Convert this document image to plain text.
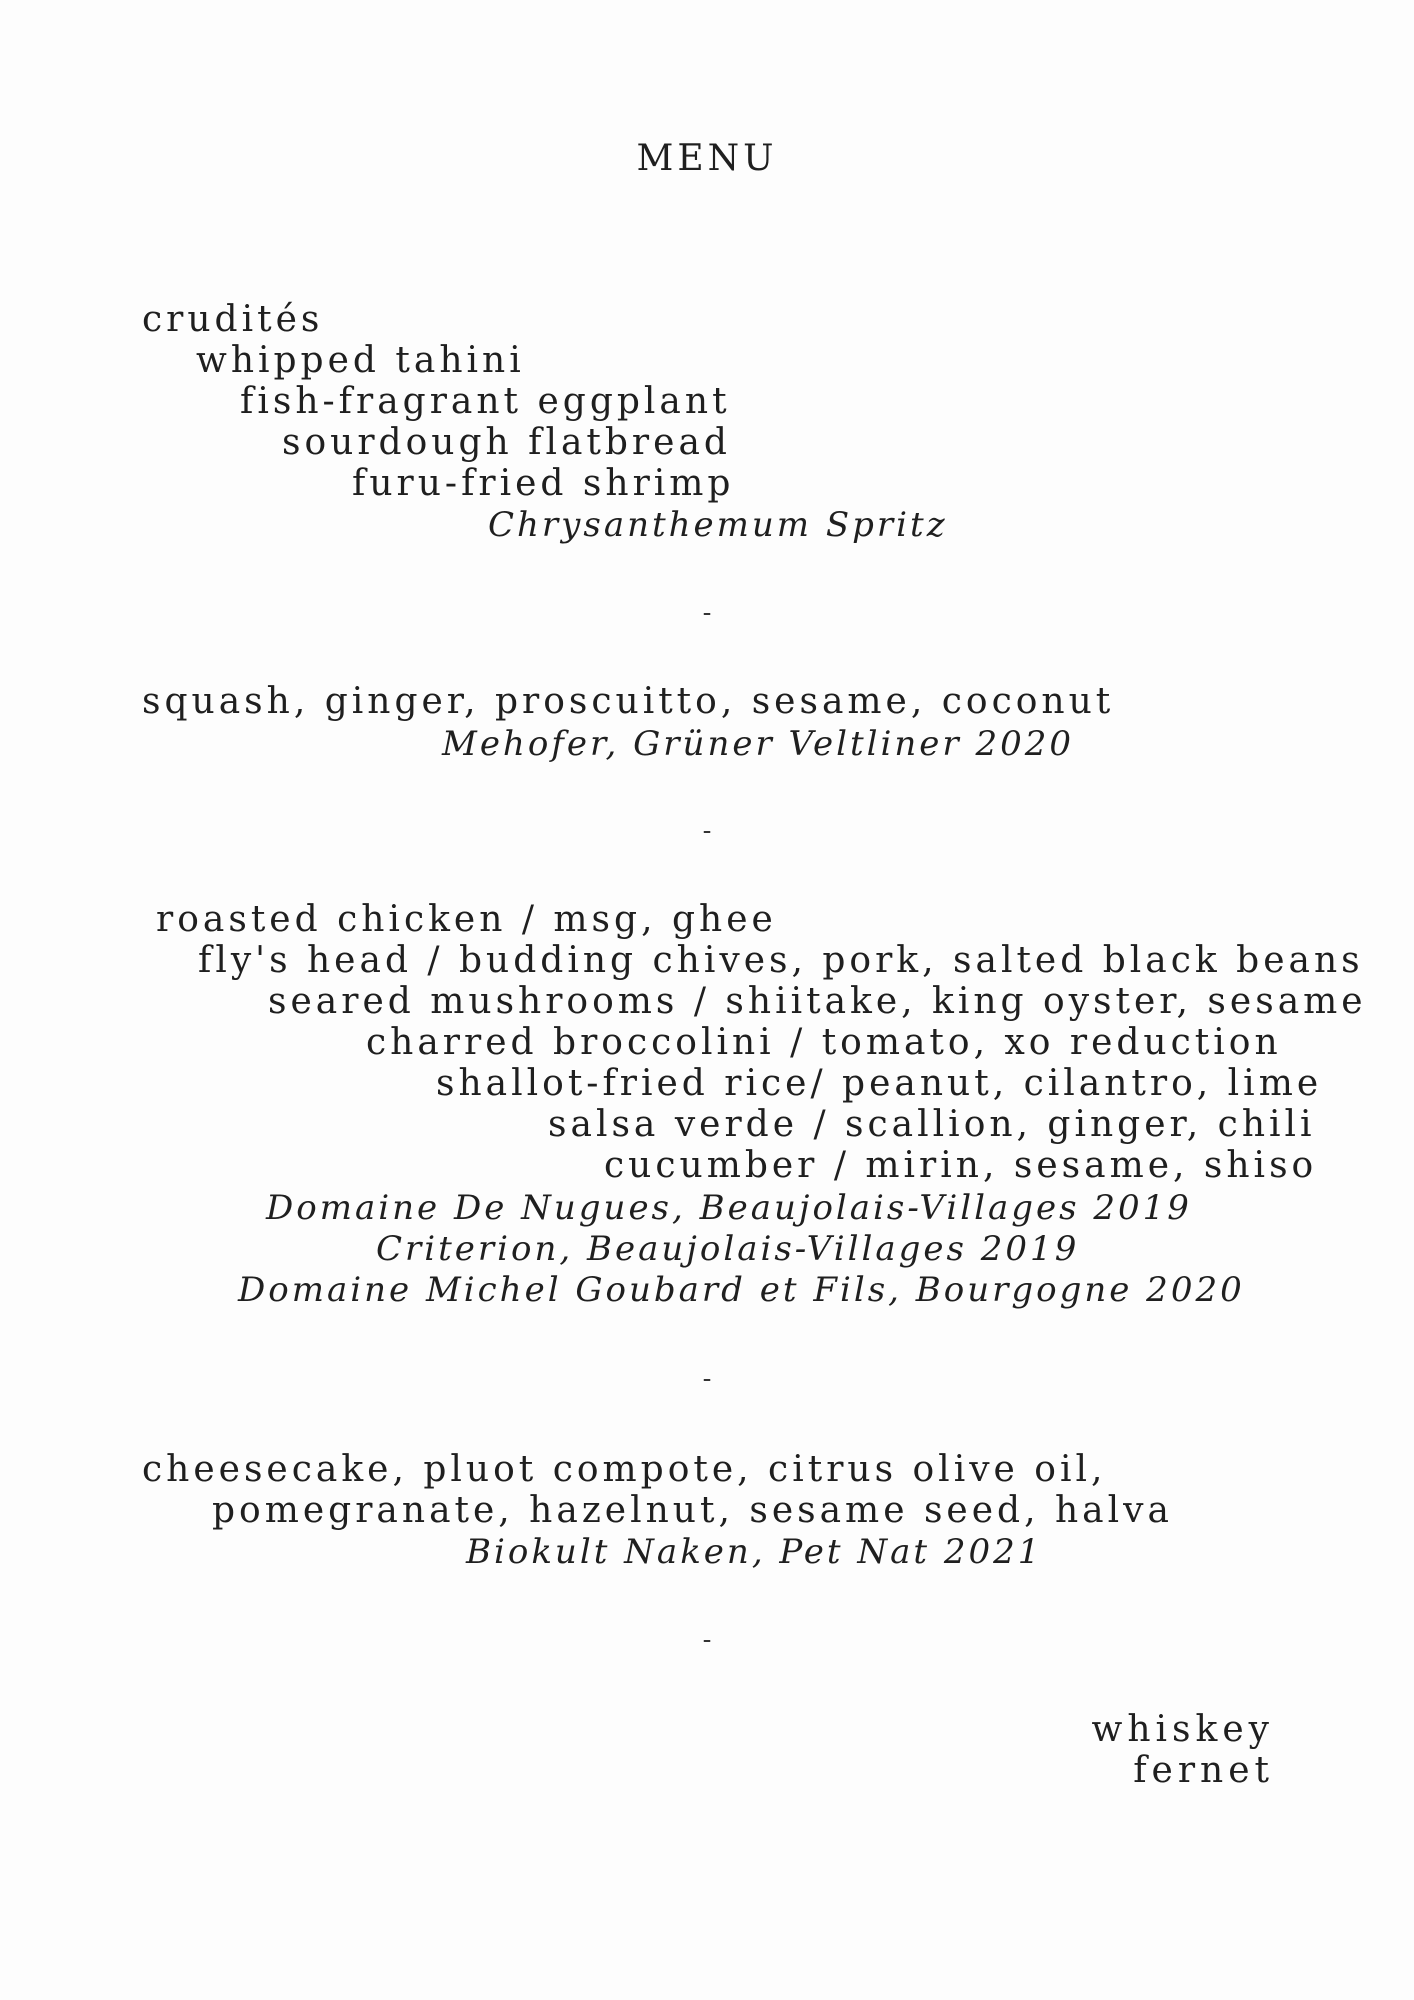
MENU
crudités
whipped tahini
fish-fragrant eggplant
sourdough flatbread
furu-fried shrimp
Chrysanthemum Spritz
-
squash, ginger, proscuitto, sesame, coconut
Mehofer, Grüner Veltliner 2020
-
roasted chicken / msg, ghee
fly's head / budding chives, pork, salted black beans
seared mushrooms / shiitake, king oyster, sesame
charred broccolini / tomato, xo reduction
shallot-fried rice/ peanut, cilantro, lime
salsa verde / scallion, ginger, chili
cucumber / mirin, sesame, shiso
Domaine De Nugues, Beaujolais-Villages 2019
Criterion, Beaujolais-Villages 2019
Domaine Michel Goubard et Fils, Bourgogne 2020
-
cheesecake, pluot compote, citrus olive oil,
pomegranate, hazelnut, sesame seed, halva
Biokult Naken, Pet Nat 2021
-
whiskey
fernet
